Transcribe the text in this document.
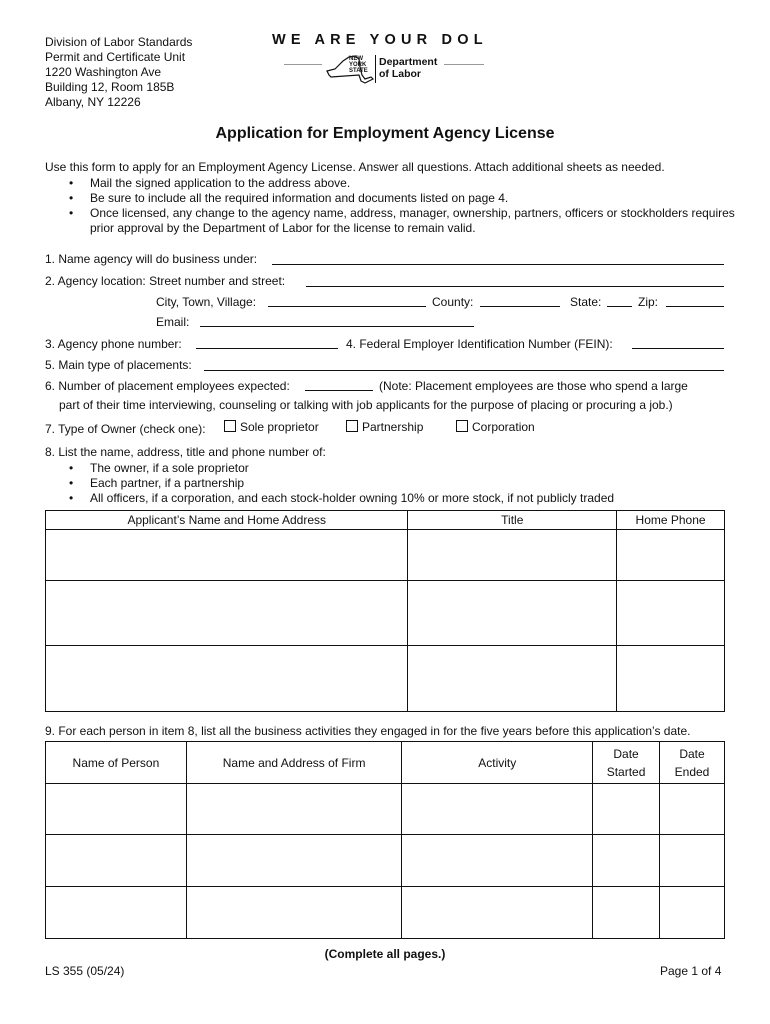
Division of Labor Standards
Permit and Certificate Unit
1220 Washington Ave
Building 12, Room 185B
Albany, NY 12226
WE ARE YOUR DOL
NEW
YORK
STATE
Department
of Labor
Application for Employment Agency License
Use this form to apply for an Employment Agency License. Answer all questions. Attach additional sheets as needed.
• Mail the signed application to the address above.
• Be sure to include all the required information and documents listed on page 4.
• Once licensed, any change to the agency name, address, manager, ownership, partners, officers or stockholders requires prior approval by the Department of Labor for the license to remain valid.
1. Name agency will do business under:
2. Agency location: Street number and street:
City, Town, Village:	County:	State:	Zip:
Email:
3. Agency phone number:	4. Federal Employer Identification Number (FEIN):
5. Main type of placements:
6. Number of placement employees expected:	(Note: Placement employees are those who spend a large
part of their time interviewing, counseling or talking with job applicants for the purpose of placing or procuring a job.)
7. Type of Owner (check one):	Sole proprietor	Partnership	Corporation
8. List the name, address, title and phone number of:
• The owner, if a sole proprietor
• Each partner, if a partnership
• All officers, if a corporation, and each stock-holder owning 10% or more stock, if not publicly traded
Applicant’s Name and Home Address	Title	Home Phone

9. For each person in item 8, list all the business activities they engaged in for the five years before this application’s date.
Name of Person	Name and Address of Firm	Activity	Date Started	Date Ended

(Complete all pages.)
LS 355 (05/24)	Page 1 of 4
